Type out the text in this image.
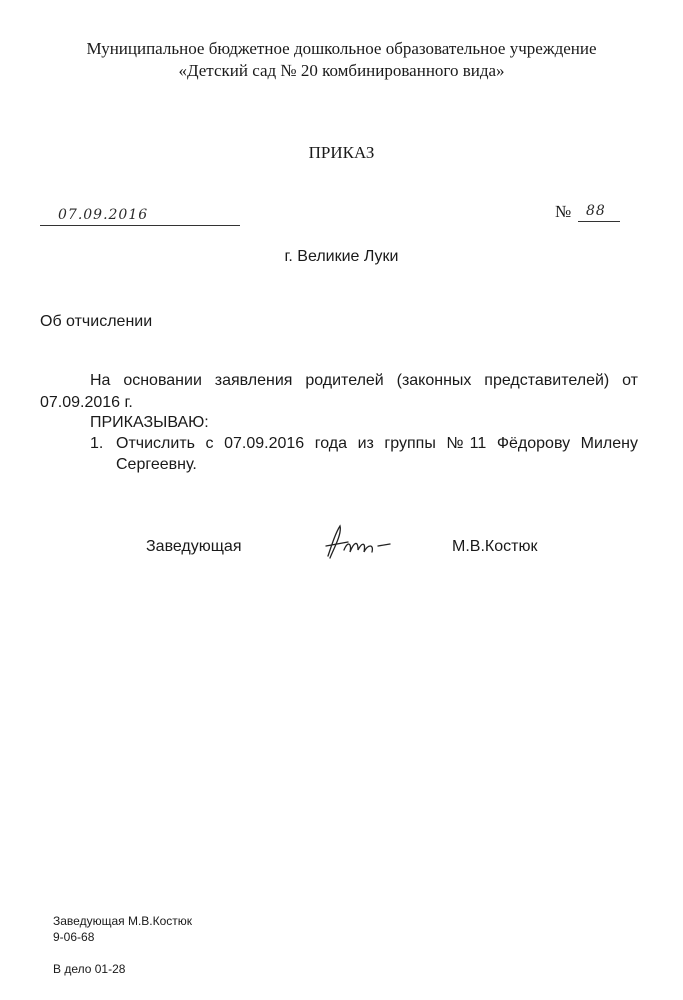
Муниципальное бюджетное дошкольное образовательное учреждение
«Детский сад № 20 комбинированного вида»
ПРИКАЗ
07.09.2016	№ 88
г. Великие Луки
Об отчислении
На основании заявления родителей (законных представителей) от
07.09.2016 г.
ПРИКАЗЫВАЮ:
1. Отчислить с 07.09.2016 года из группы №11 Фёдорову Милену
Сергеевну.
Заведующая	М.В.Костюк
Заведующая М.В.Костюк
9-06-68
В дело 01-28
